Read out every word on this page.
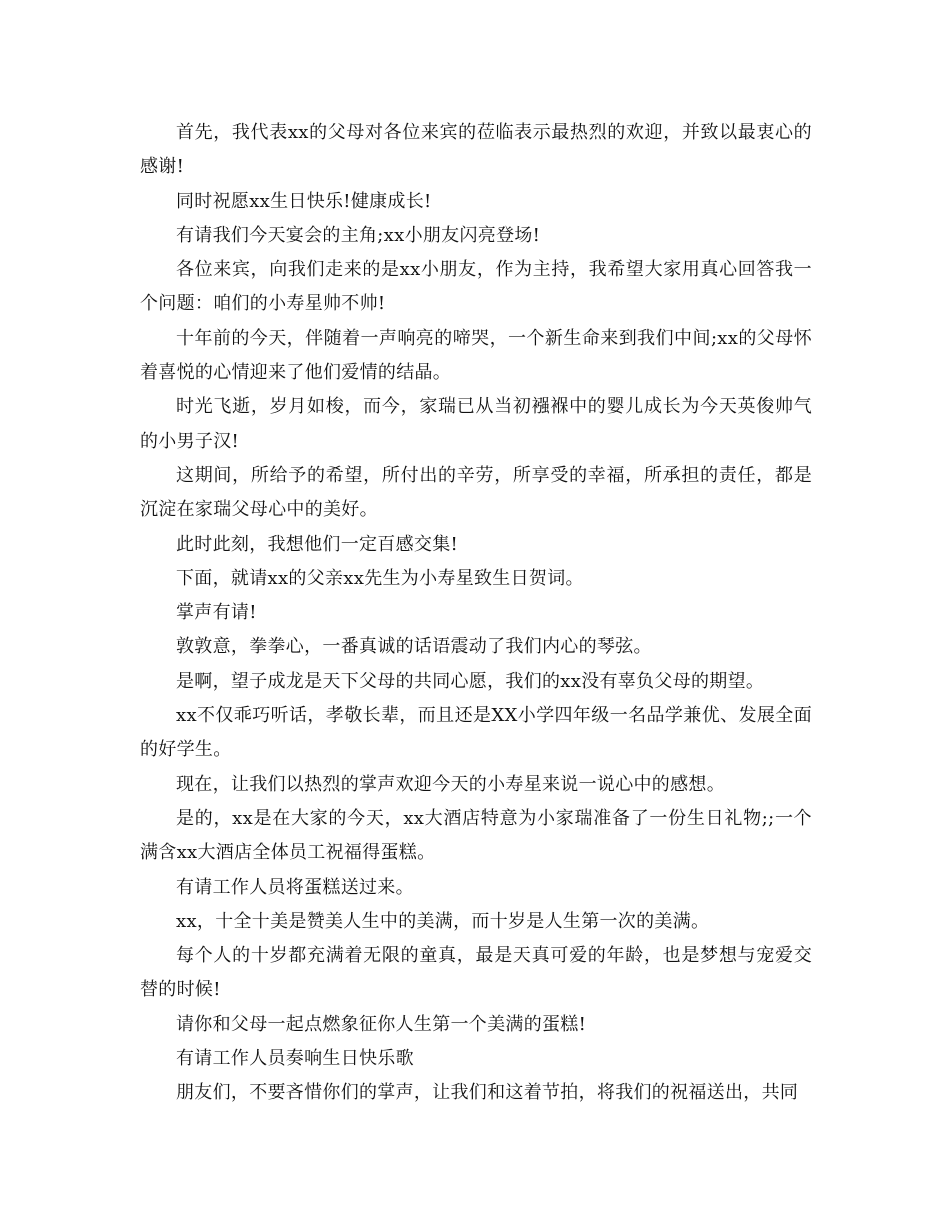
首先，我代表xx的父母对各位来宾的莅临表示最热烈的欢迎，并致以最衷心的感谢!

同时祝愿xx生日快乐!健康成长!

有请我们今天宴会的主角;xx小朋友闪亮登场!

各位来宾，向我们走来的是xx小朋友，作为主持，我希望大家用真心回答我一个问题：咱们的小寿星帅不帅!

十年前的今天，伴随着一声响亮的啼哭，一个新生命来到我们中间;xx的父母怀着喜悦的心情迎来了他们爱情的结晶。

时光飞逝，岁月如梭，而今，家瑞已从当初襁褓中的婴儿成长为今天英俊帅气的小男子汉!

这期间，所给予的希望，所付出的辛劳，所享受的幸福，所承担的责任，都是沉淀在家瑞父母心中的美好。

此时此刻，我想他们一定百感交集!

下面，就请xx的父亲xx先生为小寿星致生日贺词。

掌声有请!

敦敦意，拳拳心，一番真诚的话语震动了我们内心的琴弦。

是啊，望子成龙是天下父母的共同心愿，我们的xx没有辜负父母的期望。

xx不仅乖巧听话，孝敬长辈，而且还是XX小学四年级一名品学兼优、发展全面的好学生。

现在，让我们以热烈的掌声欢迎今天的小寿星来说一说心中的感想。

是的，xx是在大家的今天，xx大酒店特意为小家瑞准备了一份生日礼物;;一个满含xx大酒店全体员工祝福得蛋糕。

有请工作人员将蛋糕送过来。

xx，十全十美是赞美人生中的美满，而十岁是人生第一次的美满。

每个人的十岁都充满着无限的童真，最是天真可爱的年龄，也是梦想与宠爱交替的时候!

请你和父母一起点燃象征你人生第一个美满的蛋糕!

有请工作人员奏响生日快乐歌

朋友们，不要吝惜你们的掌声，让我们和这着节拍，将我们的祝福送出，共同
